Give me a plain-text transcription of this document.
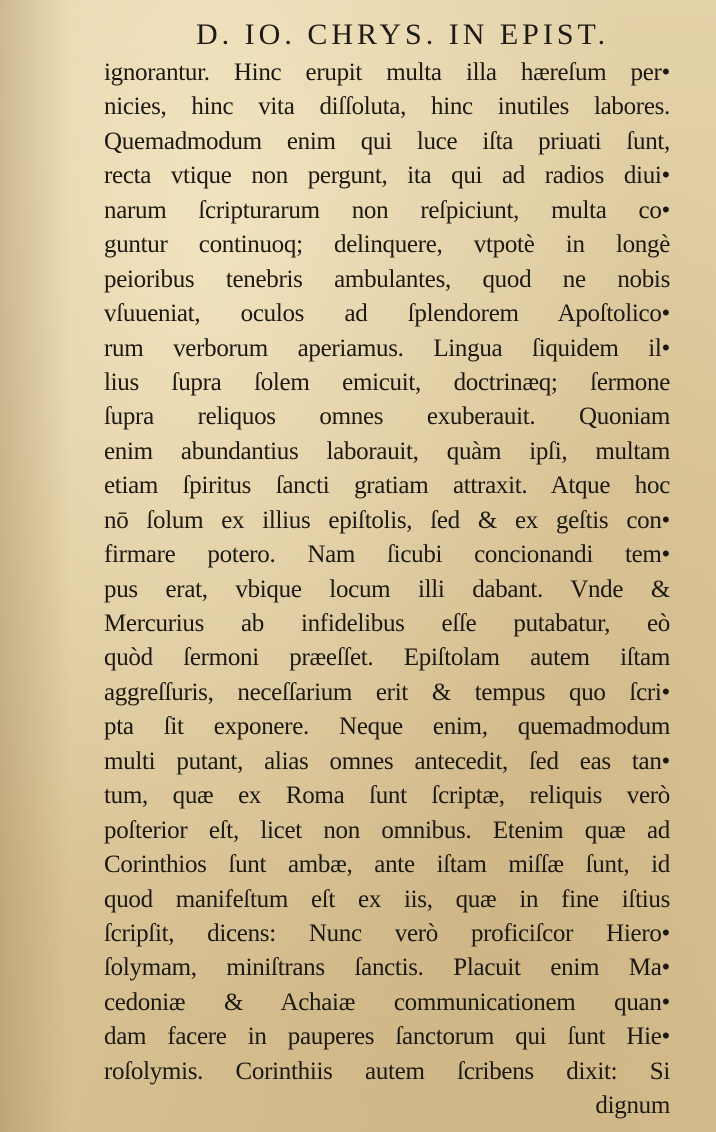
D. IO. CHRYS. IN EPIST.
ignorantur. Hinc erupit multa illa hæreſum per•
nicies, hinc vita diſſoluta, hinc inutiles labores.
Quemadmodum enim qui luce iſta priuati ſunt,
recta vtique non pergunt, ita qui ad radios diui•
narum ſcripturarum non reſpiciunt, multa co•
guntur continuoq; delinquere, vtpotè in longè
peioribus tenebris ambulantes, quod ne nobis
vſuueniat, oculos ad ſplendorem Apoſtolico•
rum verborum aperiamus. Lingua ſiquidem il•
lius ſupra ſolem emicuit, doctrinæq; ſermone
ſupra reliquos omnes exuberauit. Quoniam
enim abundantius laborauit, quàm ipſi, multam
etiam ſpiritus ſancti gratiam attraxit. Atque hoc
nō ſolum ex illius epiſtolis, ſed & ex geſtis con•
firmare potero. Nam ſicubi concionandi tem•
pus erat, vbique locum illi dabant. Vnde &
Mercurius ab infidelibus eſſe putabatur, eò
quòd ſermoni præeſſet. Epiſtolam autem iſtam
aggreſſuris, neceſſarium erit & tempus quo ſcri•
pta ſit exponere. Neque enim, quemadmodum
multi putant, alias omnes antecedit, ſed eas tan•
tum, quæ ex Roma ſunt ſcriptæ, reliquis verò
poſterior eſt, licet non omnibus. Etenim quæ ad
Corinthios ſunt ambæ, ante iſtam miſſæ ſunt, id
quod manifeſtum eſt ex iis, quæ in fine iſtius
ſcripſit, dicens: Nunc verò proficiſcor Hiero•
ſolymam, miniſtrans ſanctis. Placuit enim Ma•
cedoniæ & Achaiæ communicationem quan•
dam facere in pauperes ſanctorum qui ſunt Hie•
roſolymis. Corinthiis autem ſcribens dixit: Si
dignum
